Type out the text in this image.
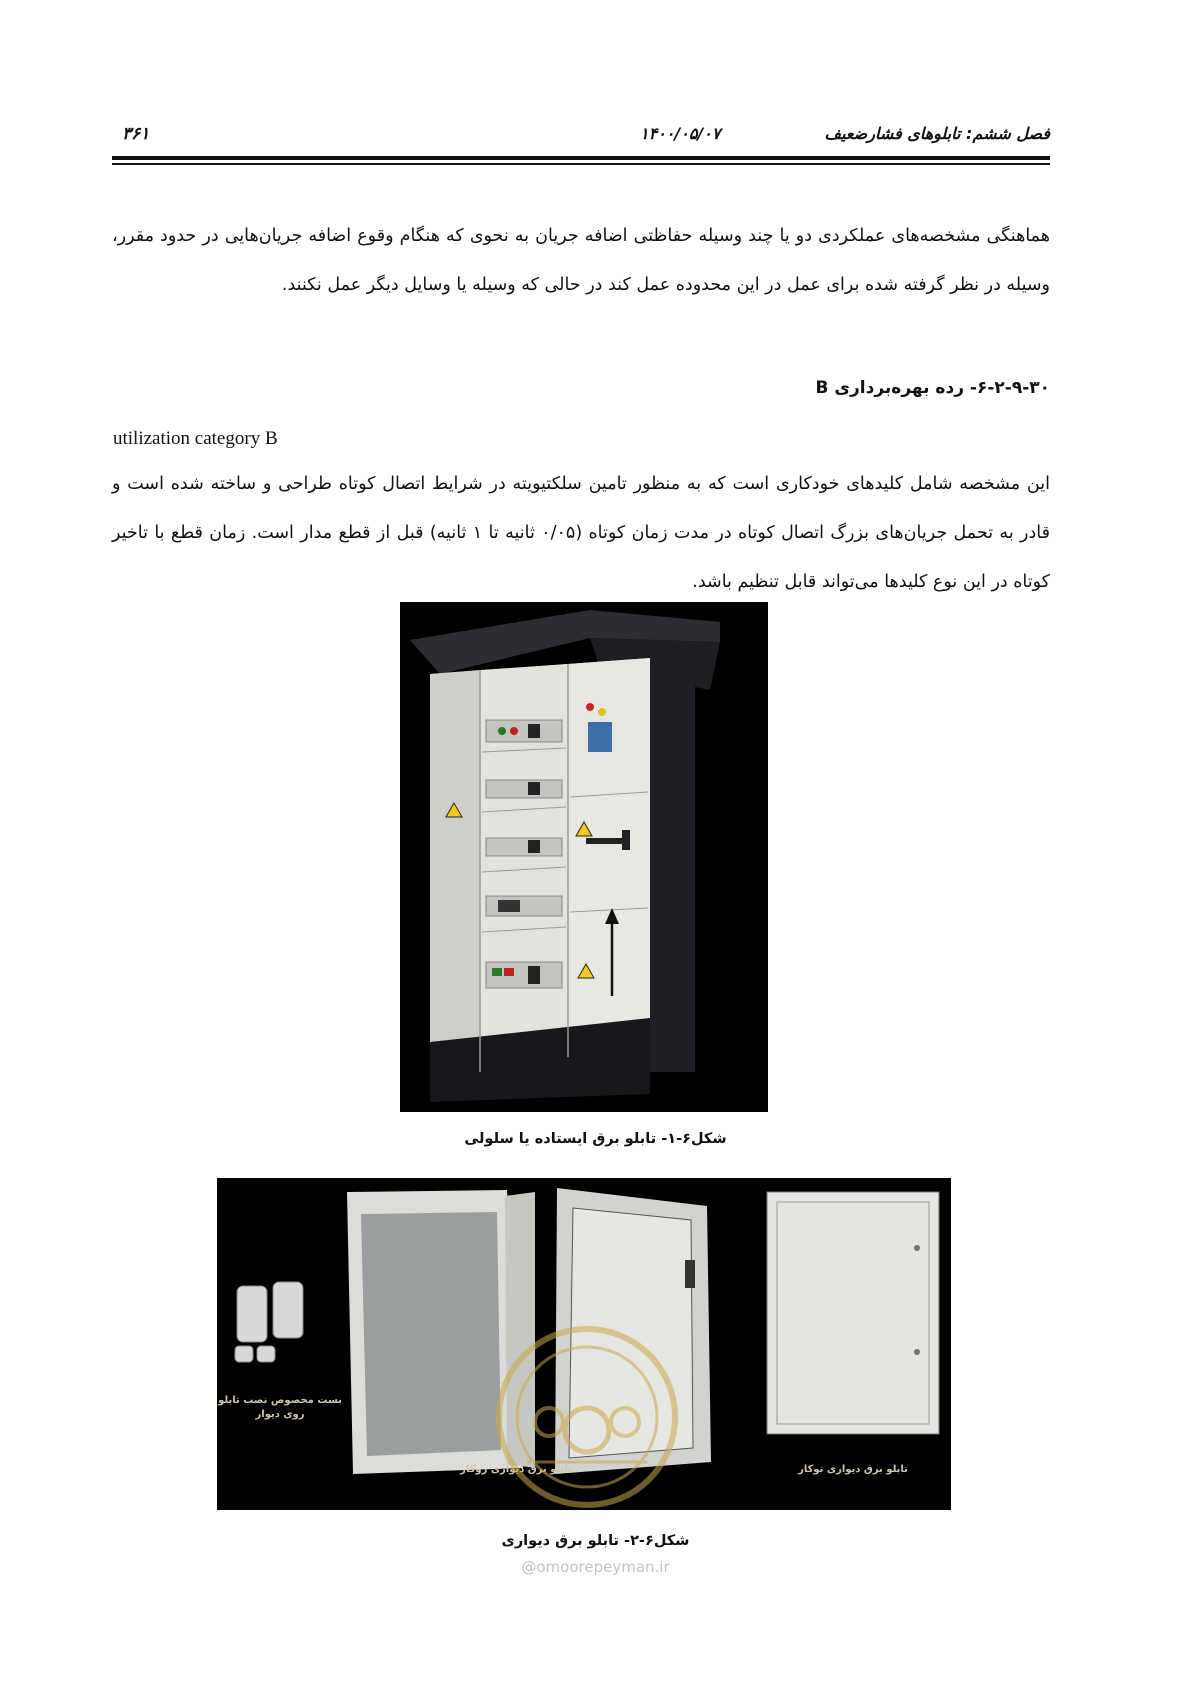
۳۶۱	۱۴۰۰/۰۵/۰۷	فصل ششم: تابلوهای فشارضعیف

هماهنگی مشخصه‌های عملکردی دو یا چند وسیله حفاظتی اضافه جریان به نحوی که هنگام وقوع اضافه جریان‌هایی در حدود مقرر، وسیله در نظر گرفته شده برای عمل در این محدوده عمل کند در حالی که وسیله یا وسایل دیگر عمل نکنند.

۶-۲-۹-۳۰- رده بهره‌برداری B
utilization category B

این مشخصه شامل کلیدهای خودکاری است که به منظور تامین سلکتیویته در شرایط اتصال کوتاه طراحی و ساخته شده است و قادر به تحمل جریان‌های بزرگ اتصال کوتاه در مدت زمان کوتاه (۰/۰۵ ثانیه تا ۱ ثانیه) قبل از قطع مدار است. زمان قطع با تاخیر کوتاه در این نوع کلیدها می‌تواند قابل تنظیم باشد.

شکل۶-۱- تابلو برق ایستاده یا سلولی
بست مخصوص نصب تابلو روی دیوار
تابلو برق دیواری روکار	تابلو برق دیواری توکار
شکل۶-۲- تابلو برق دیواری
@omoorepeyman.ir
